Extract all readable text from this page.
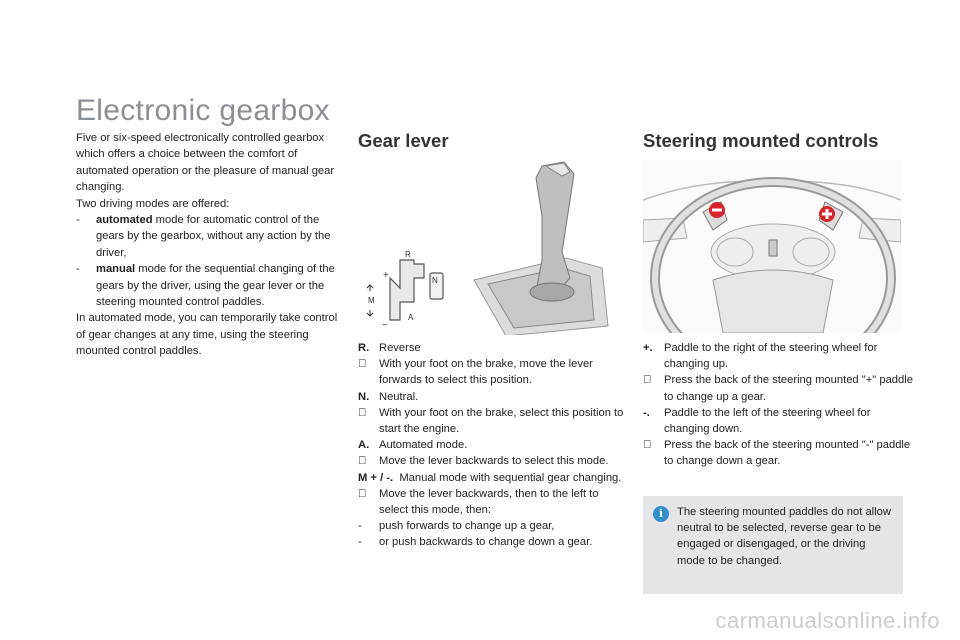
Electronic gearbox

Five or six-speed electronically controlled gearbox which offers a choice between the comfort of automated operation or the pleasure of manual gear changing.

Two driving modes are offered:

- automated mode for automatic control of the gears by the gearbox, without any action by the driver,

- manual mode for the sequential changing of the gears by the driver, using the gear lever or the steering mounted control paddles.

In automated mode, you can temporarily take control of gear changes at any time, using the steering mounted control paddles.

Gear lever
R
N
A
M
+
−

R. Reverse

With your foot on the brake, move the lever forwards to select this position.

N. Neutral.

With your foot on the brake, select this position to start the engine.

A. Automated mode.

Move the lever backwards to select this mode.

M + / -. Manual mode with sequential gear changing.

Move the lever backwards, then to the left to select this mode, then:

- push forwards to change up a gear,

- or push backwards to change down a gear.

Steering mounted controls

+. Paddle to the right of the steering wheel for changing up.

Press the back of the steering mounted "+" paddle to change up a gear.

-. Paddle to the left of the steering wheel for changing down.

Press the back of the steering mounted "-" paddle to change down a gear.

i	The steering mounted paddles do not allow neutral to be selected, reverse gear to be engaged or disengaged, or the driving mode to be changed.
carmanualsonline.info
